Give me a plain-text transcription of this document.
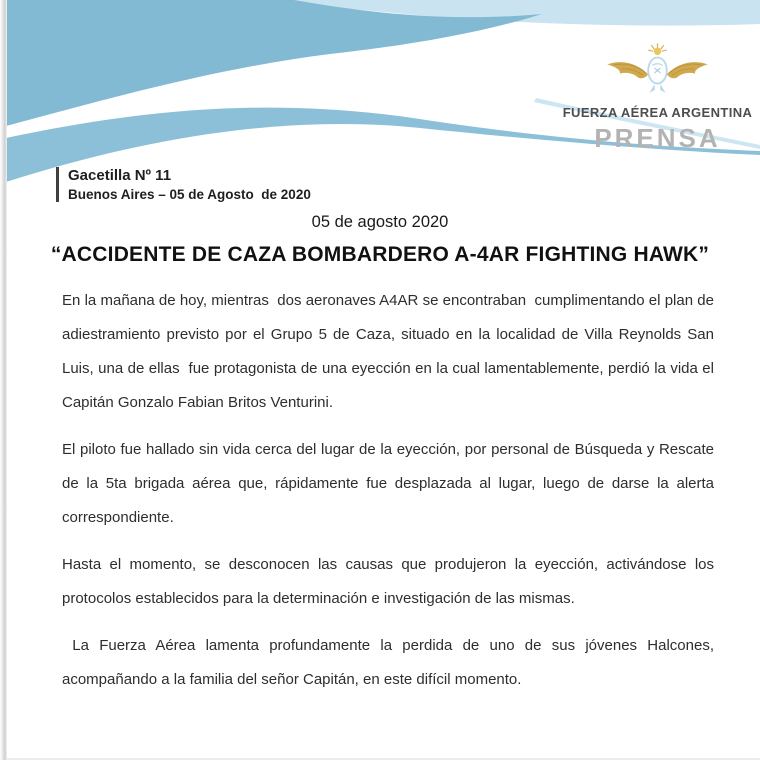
FUERZA AÉREA ARGENTINA
PRENSA
Gacetilla Nº 11
Buenos Aires – 05 de Agosto  de 2020
05 de agosto 2020
“ACCIDENTE DE CAZA BOMBARDERO A-4AR FIGHTING HAWK”

En la mañana de hoy, mientras  dos aeronaves A4AR se encontraban  cumplimentando el plan de adiestramiento previsto por el Grupo 5 de Caza, situado en la localidad de Villa Reynolds San Luis, una de ellas  fue protagonista de una eyección en la cual lamentablemente, perdió la vida el Capitán Gonzalo Fabian Britos Venturini.

El piloto fue hallado sin vida cerca del lugar de la eyección, por personal de Búsqueda y Rescate de la 5ta brigada aérea que, rápidamente fue desplazada al lugar, luego de darse la alerta correspondiente.

Hasta el momento, se desconocen las causas que produjeron la eyección, activándose los protocolos establecidos para la determinación e investigación de las mismas.

La Fuerza Aérea lamenta profundamente la perdida de uno de sus jóvenes Halcones, acompañando a la familia del señor Capitán, en este difícil momento.
